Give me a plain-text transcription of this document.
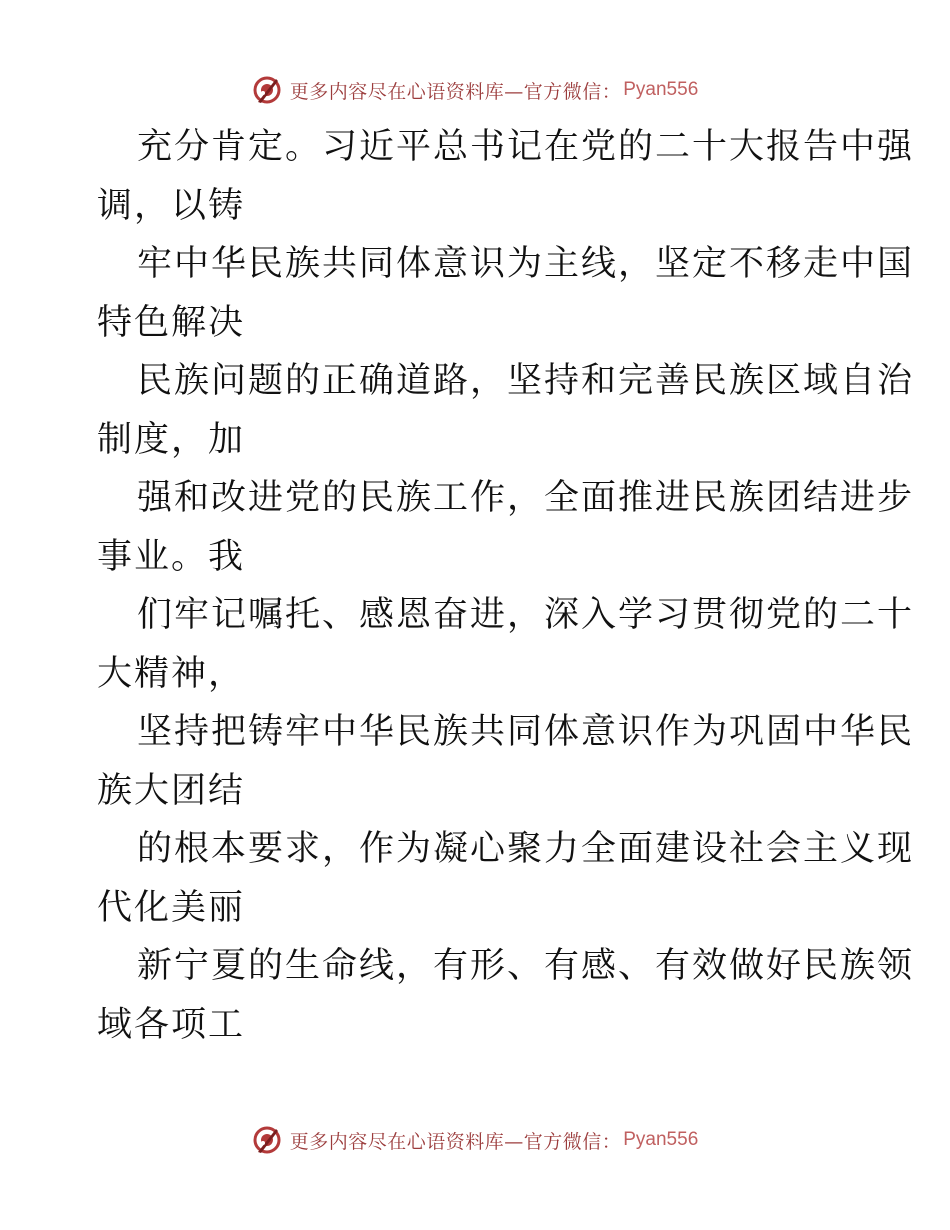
更多内容尽在心语资料库—官方微信： Pyan556
充分肯定。习近平总书记在党的二十大报告中强
调，以铸
牢中华民族共同体意识为主线，坚定不移走中国
特色解决
民族问题的正确道路，坚持和完善民族区域自治
制度，加
强和改进党的民族工作，全面推进民族团结进步
事业。我
们牢记嘱托、感恩奋进，深入学习贯彻党的二十
大精神，
坚持把铸牢中华民族共同体意识作为巩固中华民
族大团结
的根本要求，作为凝心聚力全面建设社会主义现
代化美丽
新宁夏的生命线，有形、有感、有效做好民族领
域各项工
更多内容尽在心语资料库—官方微信： Pyan556
